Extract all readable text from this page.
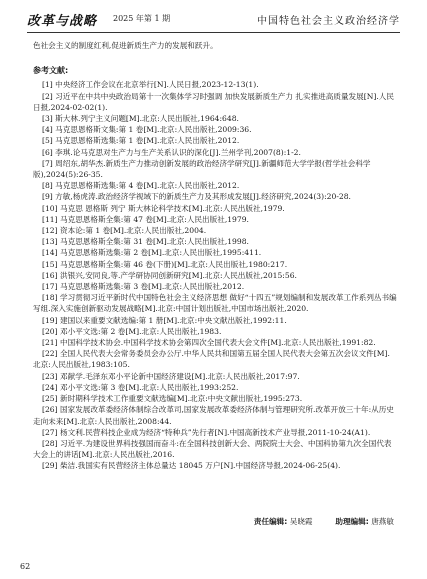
改革与战略 2025 年第 1 期	中国特色社会主义政治经济学

色社会主义的制度红利,促进新质生产力的发展和跃升。

参考文献:
[1] 中央经济工作会议在北京举行[N].人民日报,2023-12-13(1).
[2] 习近平在中共中央政治局第十一次集体学习时强调 加快发展新质生产力 扎实推进高质量发展[N].人民日报,2024-02-02(1).
[3] 斯大林.列宁主义问题[M].北京:人民出版社,1964:648.
[4] 马克思恩格斯文集:第 1 卷[M].北京:人民出版社,2009:36.
[5] 马克思恩格斯选集:第 1 卷[M].北京:人民出版社,2012.
[6] 李琪.论马克思对生产力与生产关系认识的深化[J].兰州学刊,2007(8):1-2.
[7] 周绍东,胡华杰.新质生产力推动创新发展的政治经济学研究[J].新疆师范大学学报(哲学社会科学版),2024(5):26-35.
[8] 马克思恩格斯选集:第 4 卷[M].北京:人民出版社,2012.
[9] 方敏,杨虎涛.政治经济学视域下的新质生产力及其形成发展[J].经济研究,2024(3):20-28.
[10] 马克思 恩格斯 列宁 斯大林论科学技术[M].北京:人民出版社,1979.
[11] 马克思恩格斯全集:第 47 卷[M].北京:人民出版社,1979.
[12] 资本论:第 1 卷[M].北京:人民出版社,2004.
[13] 马克思恩格斯全集:第 31 卷[M].北京:人民出版社,1998.
[14] 马克思恩格斯选集:第 2 卷[M].北京:人民出版社,1995:411.
[15] 马克思恩格斯全集:第 46 卷(下册)[M].北京:人民出版社,1980:217.
[16] 洪银兴,安同良,等.产学研协同创新研究[M].北京:人民出版社,2015:56.
[17] 马克思恩格斯选集:第 3 卷[M].北京:人民出版社,2012.
[18] 学习贯彻习近平新时代中国特色社会主义经济思想 做好“十四五”规划编制和发展改革工作系列丛书编写组.深入实施创新驱动发展战略[M].北京:中国计划出版社,中国市场出版社,2020.
[19] 建国以来重要文献选编:第 1 册[M].北京:中央文献出版社,1992:11.
[20] 邓小平文选:第 2 卷[M].北京:人民出版社,1983.
[21] 中国科学技术协会.中国科学技术协会第四次全国代表大会文件[M].北京:人民出版社,1991:82.
[22] 全国人民代表大会常务委员会办公厅.中华人民共和国第五届全国人民代表大会第五次会议文件[M].北京:人民出版社,1983:105.
[23] 邓献学.毛泽东邓小平论新中国经济建设[M].北京:人民出版社,2017:97.
[24] 邓小平文选:第 3 卷[M].北京:人民出版社,1993:252.
[25] 新时期科学技术工作重要文献选编[M].北京:中央文献出版社,1995:273.
[26] 国家发展改革委经济体制综合改革司,国家发展改革委经济体制与管理研究所.改革开放三十年:从历史走向未来[M].北京:人民出版社,2008:44.
[27] 杨文利.民营科技企业成为经济“特种兵”先行者[N].中国高新技术产业导报,2011-10-24(A1).
[28] 习近平.为建设世界科技强国而奋斗:在全国科技创新大会、两院院士大会、中国科协第九次全国代表大会上的讲话[M].北京:人民出版社,2016.
[29] 柴洁.我国实有民营经济主体总量达 18045 万户[N].中国经济导报,2024-06-25(4).
责任编辑: 吴晓霞	助理编辑: 唐燕敏
62
